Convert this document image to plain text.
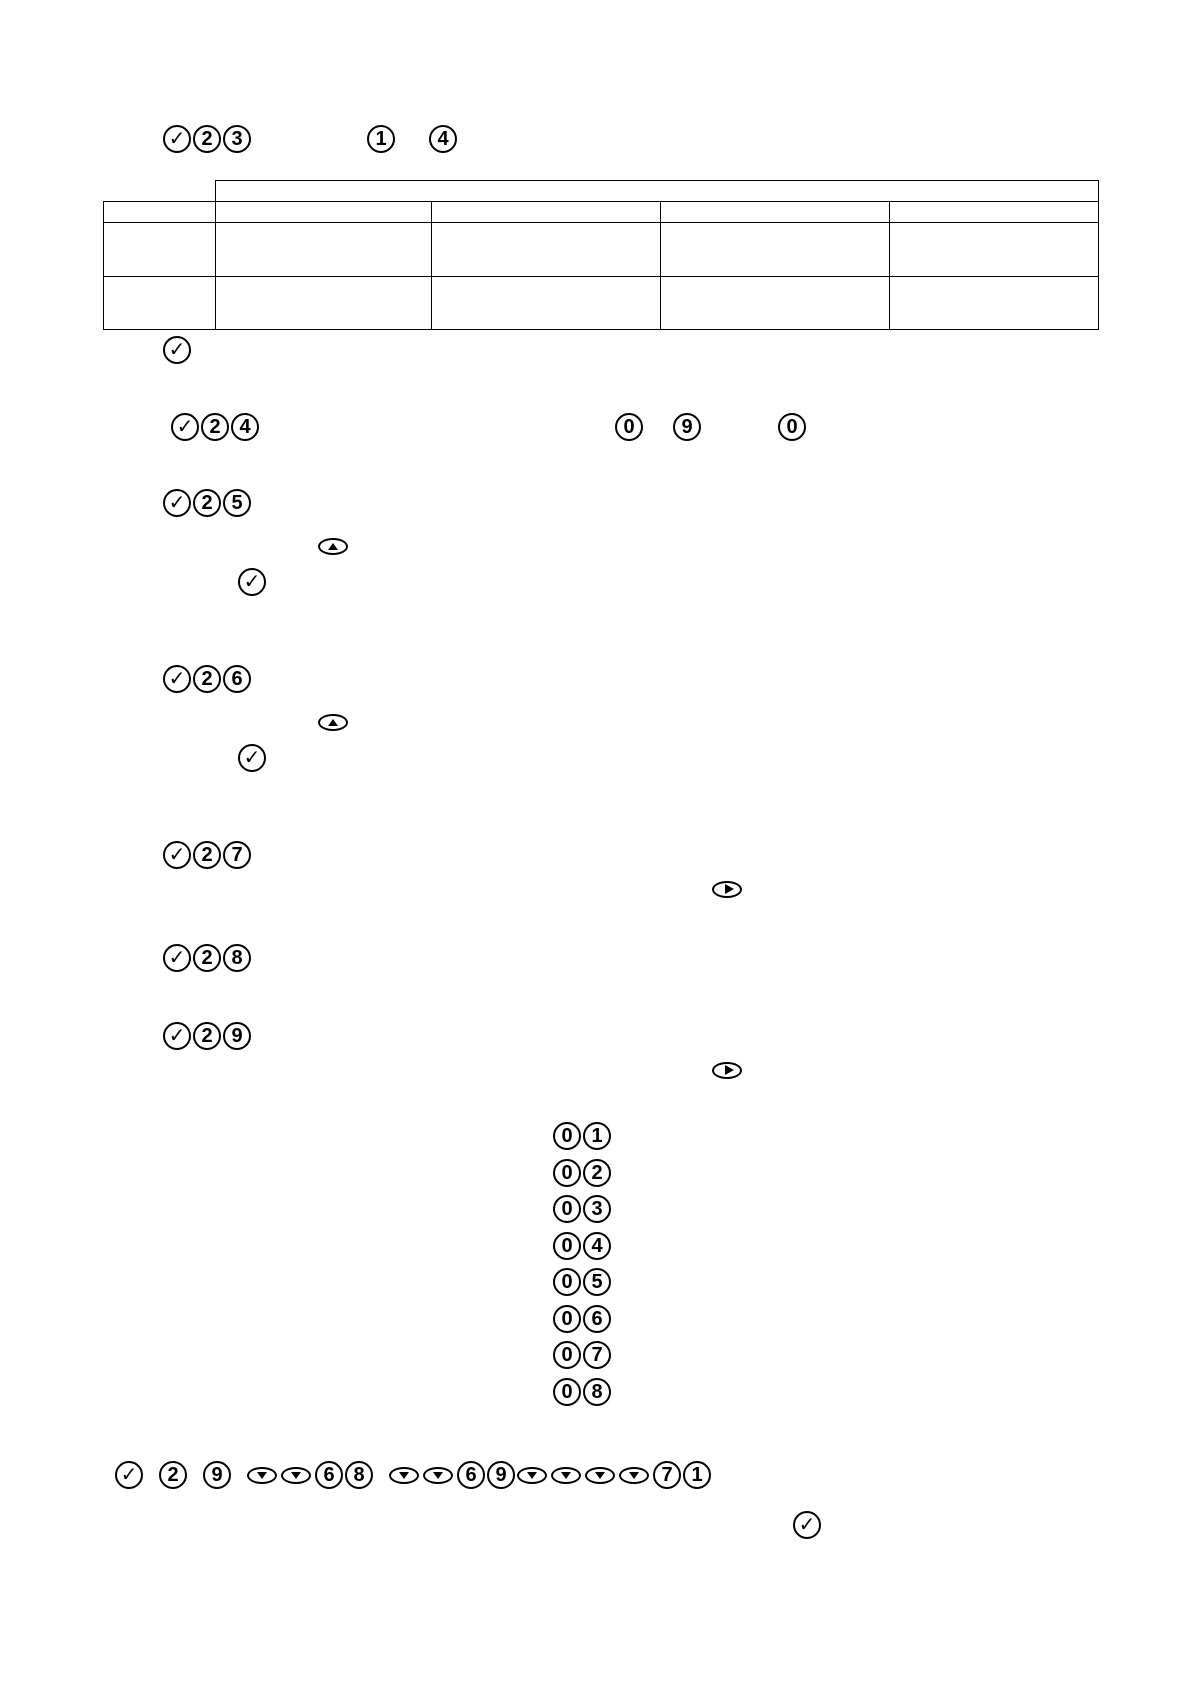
✓ 2 3	1	4

✓
✓ 2 4	0	9	0
✓ 2 5
✓
✓ 2 6
✓
✓ 2 7
✓ 2 8
✓ 2 9
0 1
0 2
0 3
0 4
0 5
0 6
0 7
0 8
✓	2	9	6 8	6 9	7 1
✓
